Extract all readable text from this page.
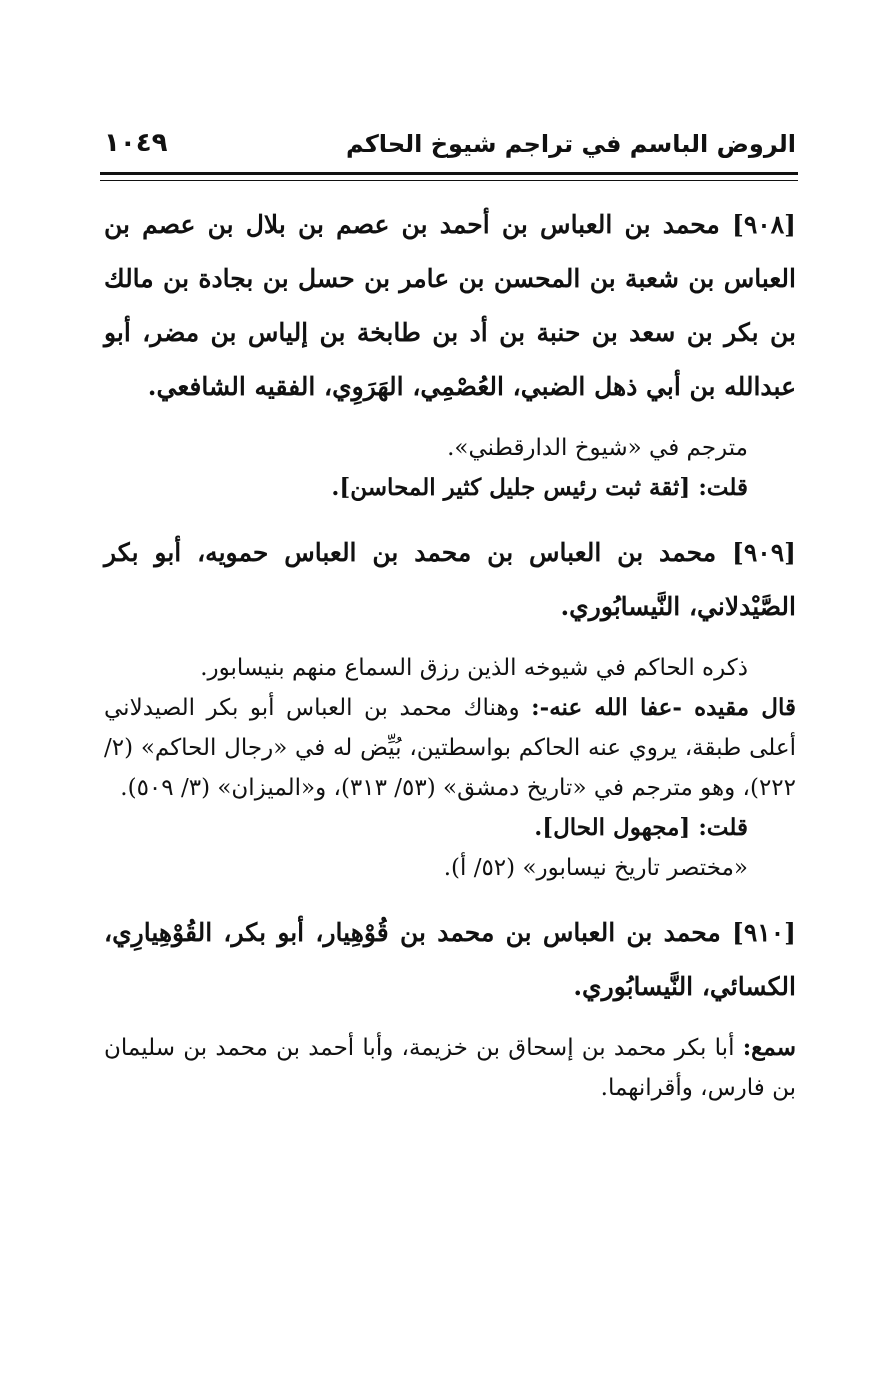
الروض الباسم في تراجم شيوخ الحاكم
١٠٤٩

[٩٠٨] محمد بن العباس بن أحمد بن عصم بن بلال بن عصم بن العباس بن شعبة بن المحسن بن عامر بن حسل بن بجادة بن مالك بن بكر بن سعد بن حنبة بن أد بن طابخة بن إلياس بن مضر، أبو عبدالله بن أبي ذهل الضبي، العُصْمِي، الهَرَوِي، الفقيه الشافعي.

مترجم في «شيوخ الدارقطني».

قلت: [ثقة ثبت رئيس جليل كثير المحاسن].

[٩٠٩] محمد بن العباس بن محمد بن العباس حمويه، أبو بكر الصَّيْدلاني، النَّيسابُوري.

ذكره الحاكم في شيوخه الذين رزق السماع منهم بنيسابور.

قال مقيده -عفا الله عنه-: وهناك محمد بن العباس أبو بكر الصيدلاني أعلى طبقة، يروي عنه الحاكم بواسطتين، بُيِّض له في «رجال الحاكم» (٢/ ٢٢٢)، وهو مترجم في «تاريخ دمشق» (٥٣/ ٣١٣)، و«الميزان» (٣/ ٥٠٩).

قلت: [مجهول الحال].

«مختصر تاريخ نيسابور» (٥٢/ أ).

[٩١٠] محمد بن العباس بن محمد بن قُوْهِيار، أبو بكر، القُوْهِيارِي، الكسائي، النَّيسابُوري.

سمع: أبا بكر محمد بن إسحاق بن خزيمة، وأبا أحمد بن محمد بن سليمان بن فارس، وأقرانهما.
